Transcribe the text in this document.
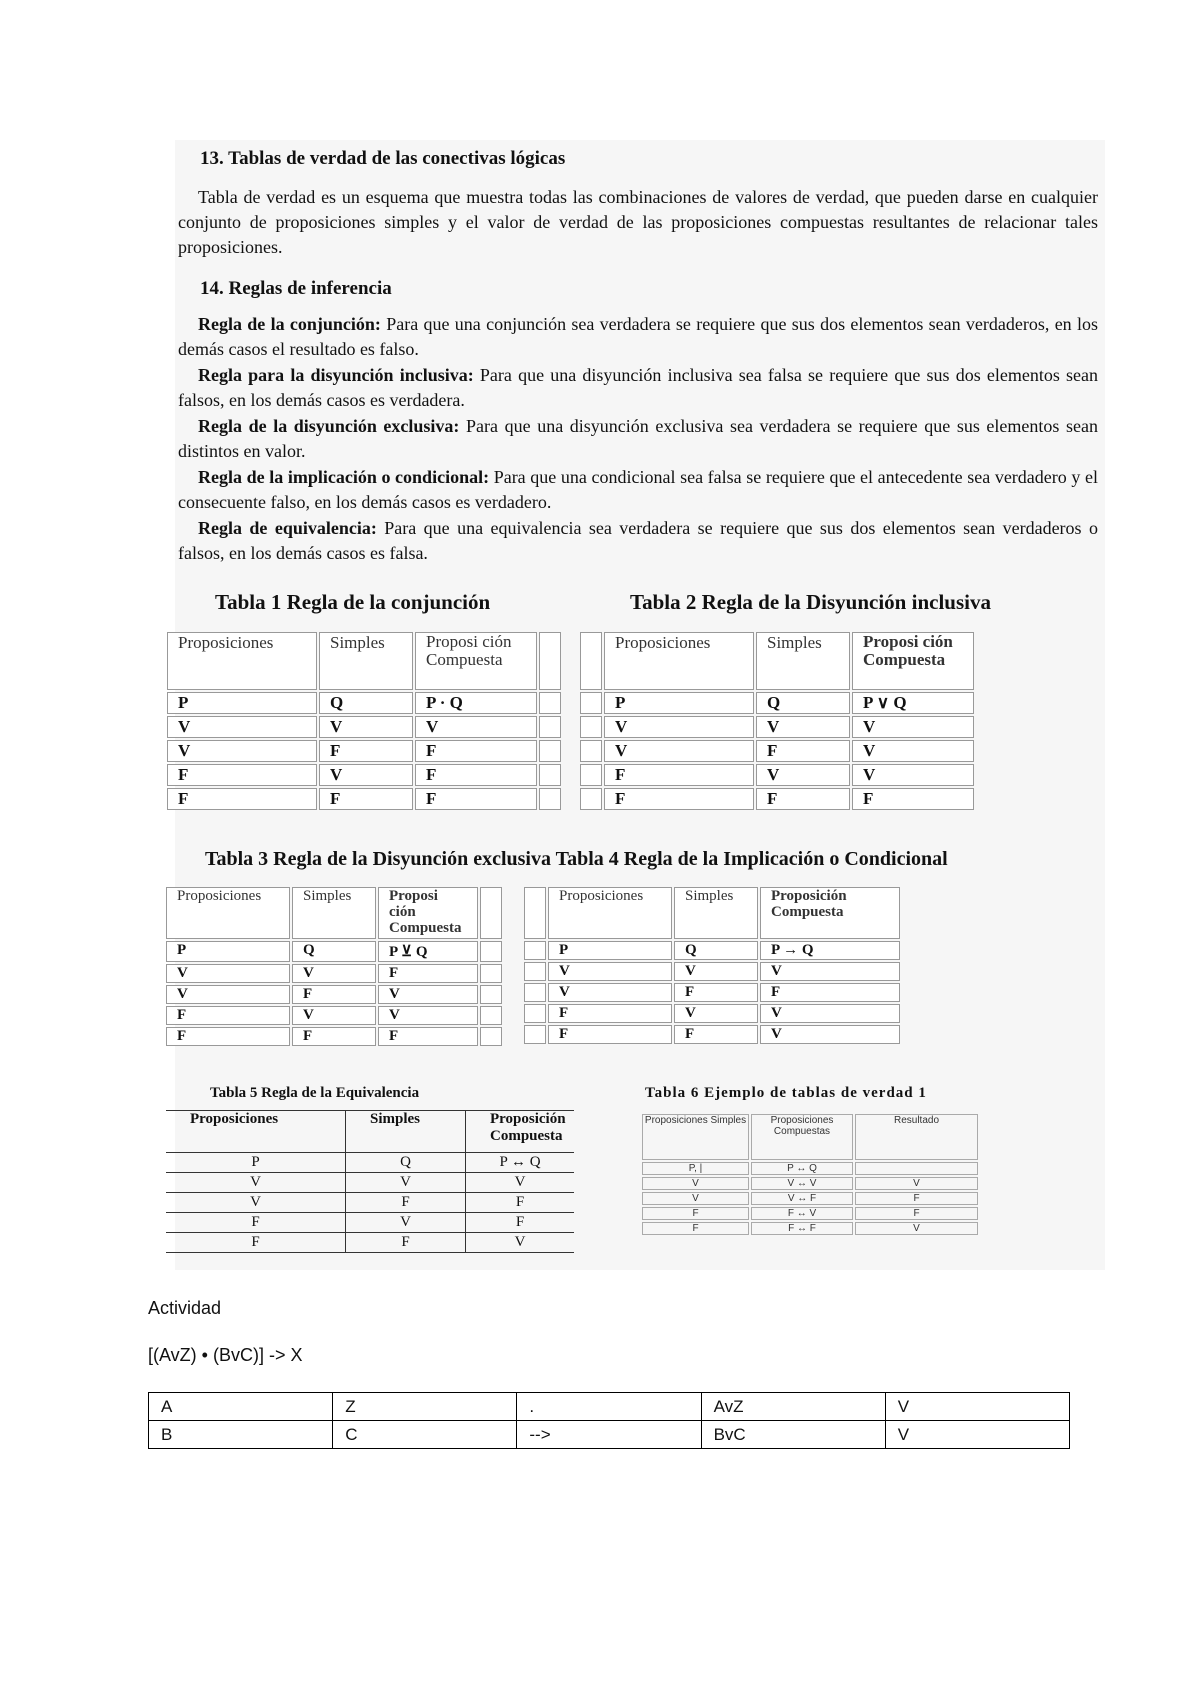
13. Tablas de verdad de las conectivas lógicas

Tabla de verdad es un esquema que muestra todas las combinaciones de valores de verdad, que pueden darse en cualquier conjunto de proposiciones simples y el valor de verdad de las proposiciones compuestas resultantes de relacionar tales proposiciones.

14. Reglas de inferencia

Regla de la conjunción: Para que una conjunción sea verdadera se requiere que sus dos elementos sean verdaderos, en los demás casos el resultado es falso.

Regla para la disyunción inclusiva: Para que una disyunción inclusiva sea falsa se requiere que sus dos elementos sean falsos, en los demás casos es verdadera.

Regla de la disyunción exclusiva: Para que una disyunción exclusiva sea verdadera se requiere que sus elementos sean distintos en valor.

Regla de la implicación o condicional: Para que una condicional sea falsa se requiere que el antecedente sea verdadero y el consecuente falso, en los demás casos es verdadero.

Regla de equivalencia: Para que una equivalencia sea verdadera se requiere que sus dos elementos sean verdaderos o falsos, en los demás casos es falsa.

Tabla 1 Regla de la conjunción	Tabla 2 Regla de la Disyunción inclusiva

Proposiciones	Simples	Proposi ción Compuesta	
P	Q	P · Q	
V	V	V	
V	F	F	
F	V	F	
F	F	F	
	Proposiciones	Simples	Proposi ción Compuesta
	P	Q	P ∨ Q
	V	V	V
	V	F	V
	F	V	V
	F	F	F

Tabla 3 Regla de la Disyunción exclusiva Tabla 4 Regla de la Implicación o Condicional

Proposiciones	Simples	Proposi ción Compuesta	
P	Q	P ⊻ Q	
V	V	F	
V	F	V	
F	V	V	
F	F	F	
	Proposiciones	Simples	Proposición Compuesta
	P	Q	P → Q
	V	V	V
	V	F	F
	F	V	V
	F	F	V

Tabla 5 Regla de la Equivalencia

Proposiciones	Simples	Proposición Compuesta
P	Q	P ↔ Q
V	V	V
V	F	F
F	V	F
F	F	V

Tabla 6 Ejemplo de tablas de verdad 1

Proposiciones Simples	Proposiciones Compuestas	Resultado
P, |	P ↔ Q	
V	V ↔ V	V
V	V ↔ F	F
F	F ↔ V	F
F	F ↔ F	V

Actividad

[(AvZ) • (BvC)] -> X

A	Z	.	AvZ	V
B	C	-->	BvC	V
